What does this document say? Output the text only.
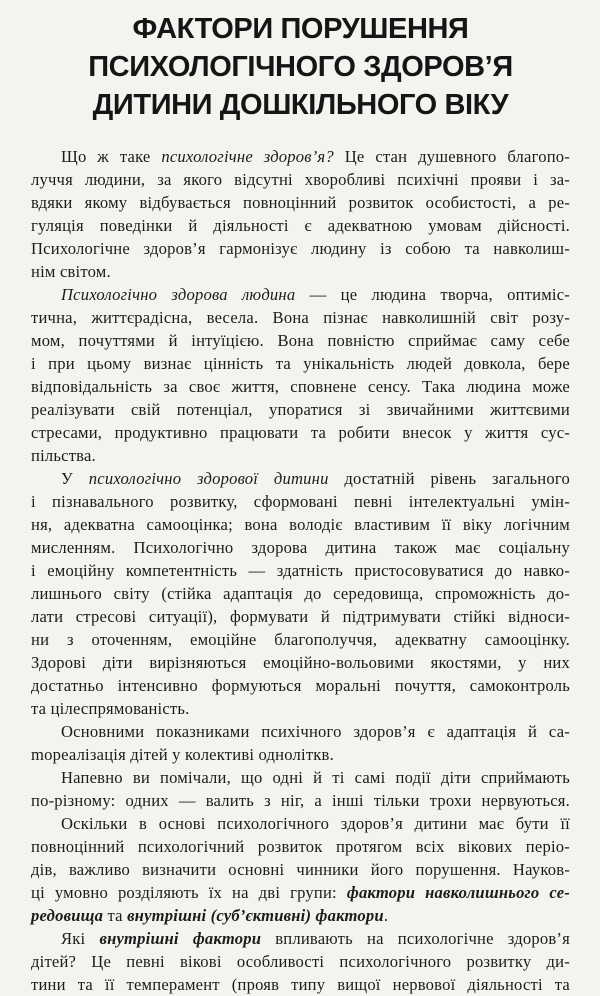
ФАКТОРИ ПОРУШЕННЯ
ПСИХОЛОГІЧНОГО ЗДОРОВ’Я
ДИТИНИ ДОШКІЛЬНОГО ВІКУ
Що ж таке психологічне здоров’я? Це стан душевного благопо-
луччя людини, за якого відсутні хворобливі психічні прояви і за-
вдяки якому відбувається повноцінний розвиток особистості, а ре-
гуляція поведінки й діяльності є адекватною умовам дійсності.
Психологічне здоров’я гармонізує людину із собою та навколиш-
нім світом.
Психологічно здорова людина — це людина творча, оптиміс-
тична, життєрадісна, весела. Вона пізнає навколишній світ розу-
мом, почуттями й інтуїцією. Вона повністю сприймає саму себе
і при цьому визнає цінність та унікальність людей довкола, бере
відповідальність за своє життя, сповнене сенсу. Така людина може
реалізувати свій потенціал, упоратися зі звичайними життєвими
стресами, продуктивно працювати та робити внесок у життя сус-
пільства.
У психологічно здорової дитини достатній рівень загального
і пізнавального розвитку, сформовані певні інтелектуальні умін-
ня, адекватна самооцінка; вона володіє властивим її віку логічним
мисленням. Психологічно здорова дитина також має соціальну
і емоційну компетентність — здатність пристосовуватися до навко-
лишнього світу (стійка адаптація до середовища, спроможність до-
лати стресові ситуації), формувати й підтримувати стійкі відноси-
ни з оточенням, емоційне благополуччя, адекватну самооцінку.
Здорові діти вирізняються емоційно-вольовими якостями, у них
достатньо інтенсивно формуються моральні почуття, самоконтроль
та цілеспрямованість.
Основними показниками психічного здоров’я є адаптація й са-
moреалізація дітей у колективі одноліткв.
Напевно ви помічали, що одні й ті самі події діти сприймають
по-різному: одних — валить з ніг, а інші тільки трохи нервуються.
Оскільки в основі психологічного здоров’я дитини має бути її
повноцінний психологічний розвиток протягом всіх вікових періо-
дів, важливо визначити основні чинники його порушення. Науков-
ці умовно розділяють їх на дві групи: фактори навколишнього се-
редовища та внутрішні (суб’єктивні) фактори.
Які внутрішні фактори впливають на психологічне здоров’я
дітей? Це певні вікові особливості психологічного розвитку ди-
тини та її темперамент (прояв типу вищої нервової діяльності та
